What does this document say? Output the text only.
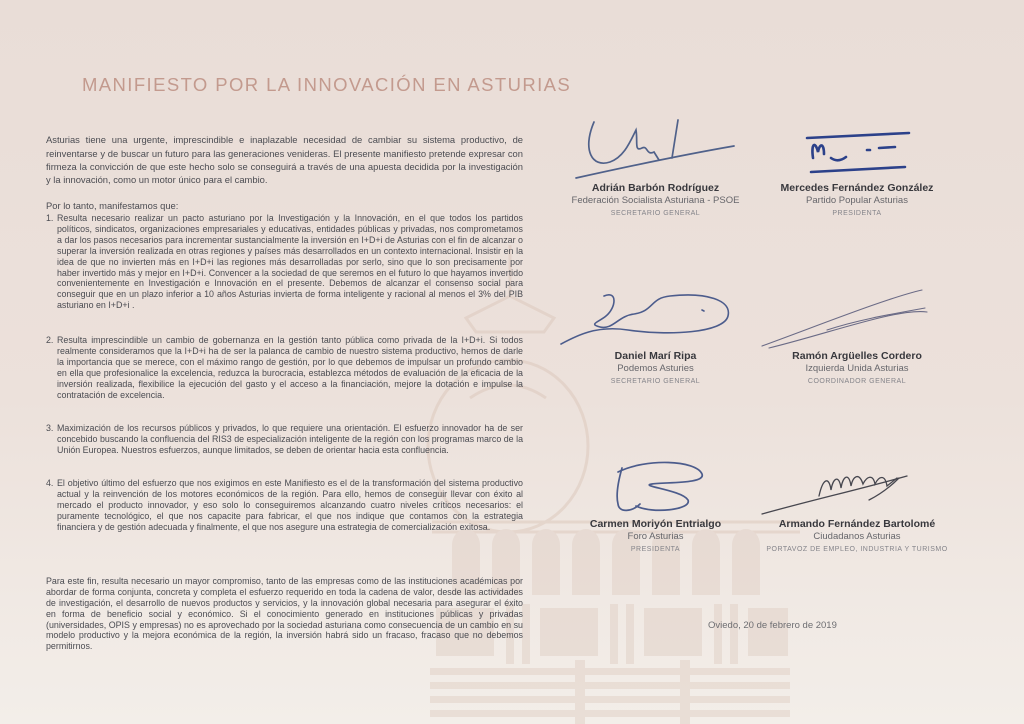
MANIFIESTO POR LA INNOVACIÓN EN ASTURIAS

Asturias tiene una urgente, imprescindible e inaplazable necesidad de cambiar su sistema productivo, de reinventarse y de buscar un futuro para las generaciones venideras. El presente manifiesto pretende expresar con firmeza la convicción de que este hecho solo se conseguirá a través de una apuesta decidida por la investigación y la innovación, como un motor único para el cambio.

Por lo tanto, manifestamos que:

1. Resulta necesario realizar un pacto asturiano por la Investigación y la Innovación, en el que todos los partidos políticos, sindicatos, organizaciones empresariales y educativas, entidades públicas y privadas, nos comprometamos a dar los pasos necesarios para incrementar sustancialmente la inversión en I+D+i de Asturias con el fin de alcanzar o superar la inversión realizada en otras regiones y países más desarrollados en un contexto internacional. Insistir en la idea de que no invierten más en I+D+i las regiones más desarrolladas por serlo, sino que lo son precisamente por haber invertido más y mejor en I+D+i. Convencer a la sociedad de que seremos en el futuro lo que hayamos invertido convenientemente en Investigación e Innovación en el presente. Debemos de alcanzar el consenso social para conseguir que en un plazo inferior a 10 años Asturias invierta de forma inteligente y racional al menos el 3% del PIB asturiano en I+D+i .
2. Resulta imprescindible un cambio de gobernanza en la gestión tanto pública como privada de la I+D+i. Si todos realmente consideramos que la I+D+i ha de ser la palanca de cambio de nuestro sistema productivo, hemos de darle la importancia que se merece, con el máximo rango de gestión, por lo que debemos de impulsar un profundo cambio en ella que profesionalice la excelencia, reduzca la burocracia, establezca métodos de evaluación de la eficacia de la inversión realizada, flexibilice la ejecución del gasto y el acceso a la financiación, mejore la dotación e impulse la contratación de excelencia.
3. Maximización de los recursos públicos y privados, lo que requiere una orientación. El esfuerzo innovador ha de ser concebido buscando la confluencia del RIS3 de especialización inteligente de la región con los programas marco de la Unión Europea. Nuestros esfuerzos, aunque limitados, se deben de orientar hacia esta confluencia.
4. El objetivo último del esfuerzo que nos exigimos en este Manifiesto es el de la transformación del sistema productivo actual y la reinvención de los motores económicos de la región. Para ello, hemos de conseguir llevar con éxito al mercado el producto innovador, y eso solo lo conseguiremos alcanzando cuatro niveles críticos necesarios: el puramente tecnológico, el que nos capacite para fabricar, el que nos indique que contamos con la estrategia financiera y de gestión adecuada y finalmente, el que nos asegure una estrategia de comercialización exitosa.

Para este fin, resulta necesario un mayor compromiso, tanto de las empresas como de las instituciones académicas por abordar de forma conjunta, concreta y completa el esfuerzo requerido en toda la cadena de valor, desde las actividades de investigación, el desarrollo de nuevos productos y servicios, y la innovación global necesaria para asegurar el éxito en forma de beneficio social y económico. Si el conocimiento generado en instituciones públicas y privadas (universidades, OPIS y empresas) no es aprovechado por la sociedad asturiana como consecuencia de un cambio en su modelo productivo y la mejora económica de la región, la inversión habrá sido un fracaso, fracaso que no debemos permitirnos.

Adrián Barbón Rodríguez
Federación Socialista Asturiana - PSOE
SECRETARIO GENERAL
Mercedes Fernández González
Partido Popular Asturias
PRESIDENTA
Daniel Marí Ripa
Podemos Asturies
SECRETARIO GENERAL
Ramón Argüelles Cordero
Izquierda Unida Asturias
COORDINADOR GENERAL
Carmen Moriyón Entrialgo
Foro Asturias
PRESIDENTA
Armando Fernández Bartolomé
Ciudadanos Asturias
PORTAVOZ DE EMPLEO, INDUSTRIA Y TURISMO
Oviedo, 20 de febrero de 2019
